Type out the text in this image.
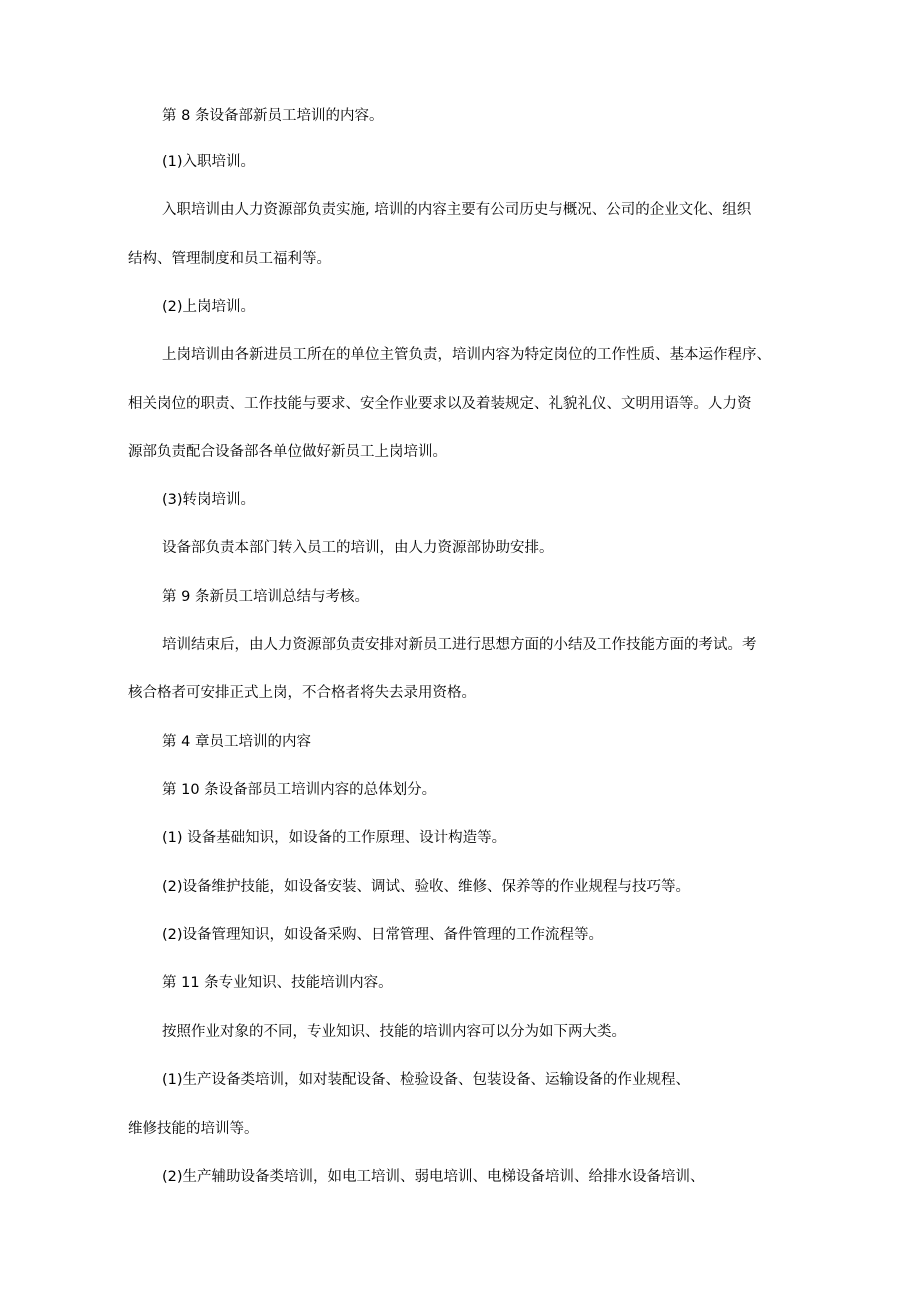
第 8 条设备部新员工培训的内容。
(1)入职培训。
入职培训由人力资源部负责实施, 培训的内容主要有公司历史与概况、公司的企业文化、组织
结构、管理制度和员工福利等。
(2)上岗培训。
上岗培训由各新进员工所在的单位主管负责，培训内容为特定岗位的工作性质、基本运作程序、
相关岗位的职责、工作技能与要求、安全作业要求以及着装规定、礼貌礼仪、文明用语等。人力资
源部负责配合设备部各单位做好新员工上岗培训。
(3)转岗培训。
设备部负责本部门转入员工的培训，由人力资源部协助安排。
第 9 条新员工培训总结与考核。
培训结束后，由人力资源部负责安排对新员工进行思想方面的小结及工作技能方面的考试。考
核合格者可安排正式上岗，不合格者将失去录用资格。
第 4 章员工培训的内容
第 10 条设备部员工培训内容的总体划分。
(1) 设备基础知识，如设备的工作原理、设计构造等。
(2)设备维护技能，如设备安装、调试、验收、维修、保养等的作业规程与技巧等。
(2)设备管理知识，如设备采购、日常管理、备件管理的工作流程等。
第 11 条专业知识、技能培训内容。
按照作业对象的不同，专业知识、技能的培训内容可以分为如下两大类。
(1)生产设备类培训，如对装配设备、检验设备、包装设备、运输设备的作业规程、
维修技能的培训等。
(2)生产辅助设备类培训，如电工培训、弱电培训、电梯设备培训、给排水设备培训、
